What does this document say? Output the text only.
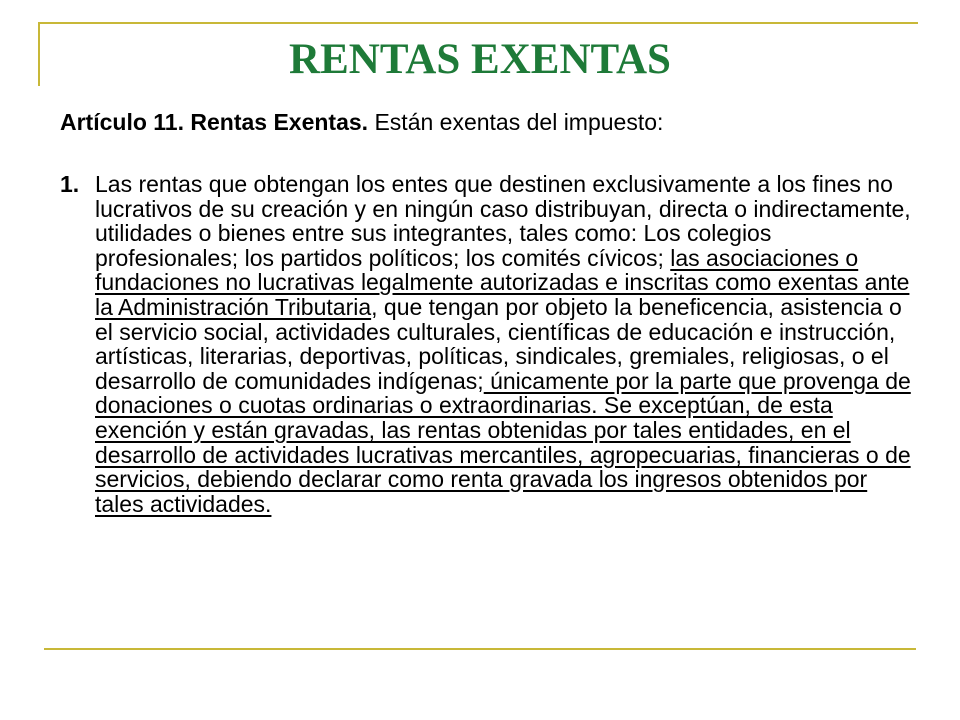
RENTAS EXENTAS
Artículo 11. Rentas Exentas. Están exentas del impuesto:
1. Las rentas que obtengan los entes que destinen exclusivamente a los fines no lucrativos de su creación y en ningún caso distribuyan, directa o indirectamente, utilidades o bienes entre sus integrantes, tales como: Los colegios profesionales; los partidos políticos; los comités cívicos; las asociaciones o fundaciones no lucrativas legalmente autorizadas e inscritas como exentas ante la Administración Tributaria, que tengan por objeto la beneficencia, asistencia o el servicio social, actividades culturales, científicas de educación e instrucción, artísticas, literarias, deportivas, políticas, sindicales, gremiales, religiosas, o el desarrollo de comunidades indígenas; únicamente por la parte que provenga de donaciones o cuotas ordinarias o extraordinarias. Se exceptúan, de esta exención y están gravadas, las rentas obtenidas por tales entidades, en el desarrollo de actividades lucrativas mercantiles, agropecuarias, financieras o de servicios, debiendo declarar como renta gravada los ingresos obtenidos por tales actividades.
